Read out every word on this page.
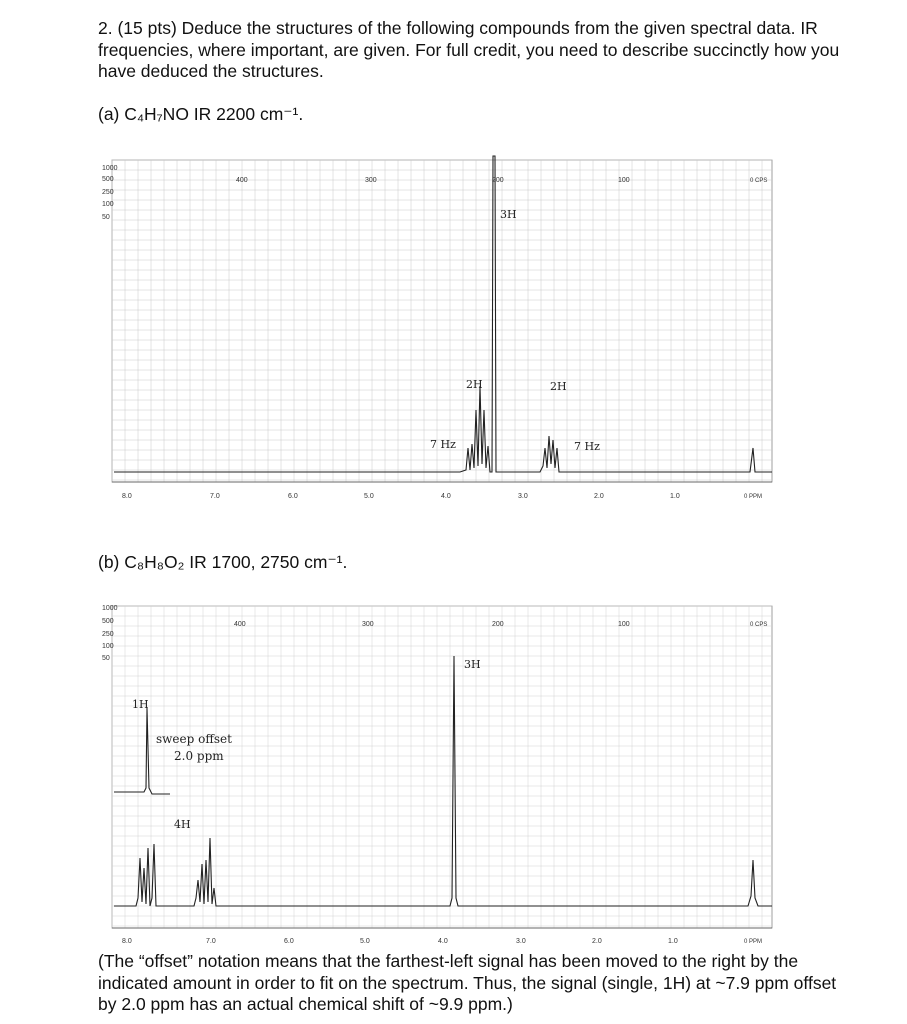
2. (15 pts) Deduce the structures of the following compounds from the given spectral data. IR frequencies, where important, are given. For full credit, you need to describe succinctly how you have deduced the structures.
(a) C₄H₇NO IR 2200 cm⁻¹.
1000
500
250
100
50
400	300	200	100	0 CPS
8.0	7.0	6.0	5.0	4.0	3.0	2.0	1.0	0 PPM
3H
2H	2H
7 Hz	7 Hz
(b) C₈H₈O₂ IR 1700, 2750 cm⁻¹.
1000
500
250
100
50
400	300	200	100	0 CPS
8.0	7.0	6.0	5.0	4.0	3.0	2.0	1.0	0 PPM
3H
1H
4H
sweep offset
2.0 ppm
(The “offset” notation means that the farthest-left signal has been moved to the right by the indicated amount in order to fit on the spectrum. Thus, the signal (single, 1H) at ~7.9 ppm offset by 2.0 ppm has an actual chemical shift of ~9.9 ppm.)
